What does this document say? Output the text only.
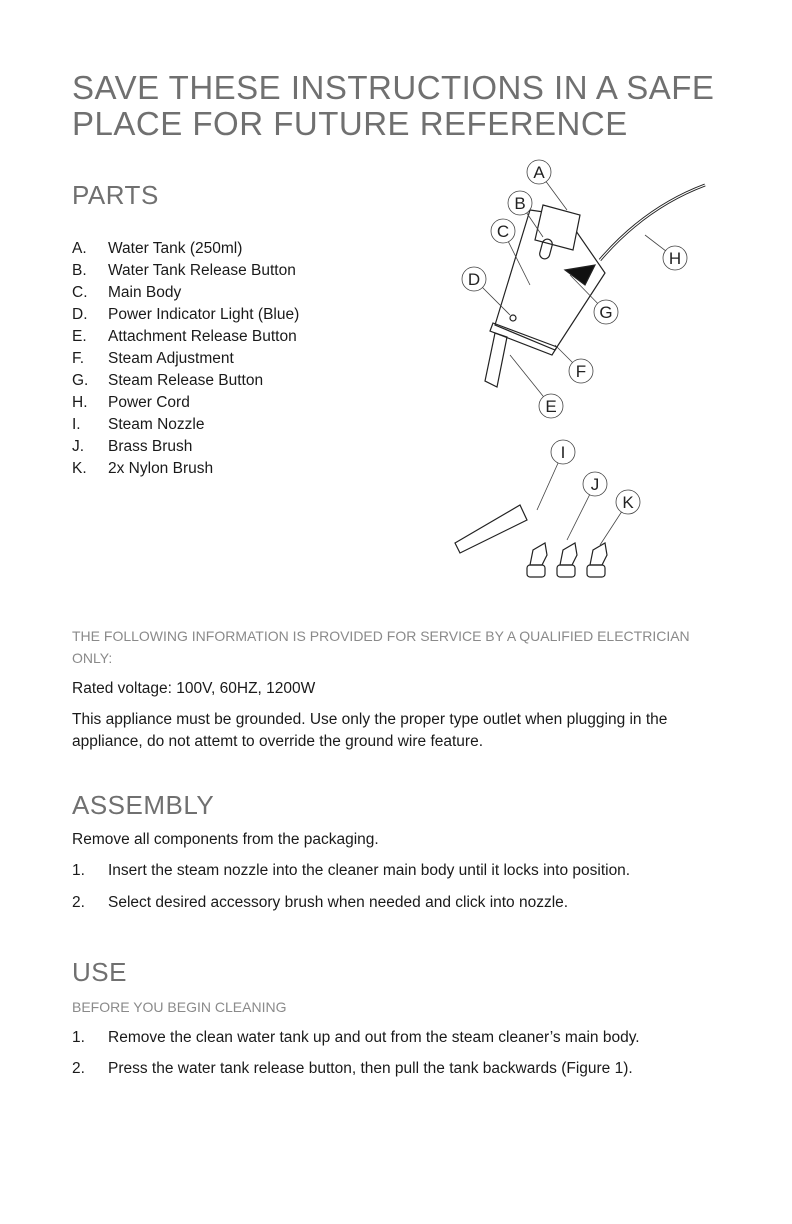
SAVE THESE INSTRUCTIONS IN A SAFE PLACE FOR FUTURE REFERENCE
PARTS
A.	Water Tank (250ml)
B.	Water Tank Release Button
C.	Main Body
D.	Power Indicator Light (Blue)
E.	Attachment Release Button
F.	Steam Adjustment
G.	Steam Release Button
H.	Power Cord
I.	Steam Nozzle
J.	Brass Brush
K.	2x Nylon Brush
A
B
C
D
E
F
G
H
I
J
K
THE FOLLOWING INFORMATION IS PROVIDED FOR SERVICE BY A QUALIFIED ELECTRICIAN ONLY:
Rated voltage: 100V, 60HZ, 1200W
This appliance must be grounded. Use only the proper type outlet when plugging in the appliance, do not attemt to override the ground wire feature.
ASSEMBLY
Remove all components from the packaging.
1.	Insert the steam nozzle into the cleaner main body until it locks into position.
2.	Select desired accessory brush when needed and click into nozzle.
USE
BEFORE YOU BEGIN CLEANING
1.	Remove the clean water tank up and out from the steam cleaner’s main body.
2.	Press the water tank release button, then pull the tank backwards (Figure 1).
